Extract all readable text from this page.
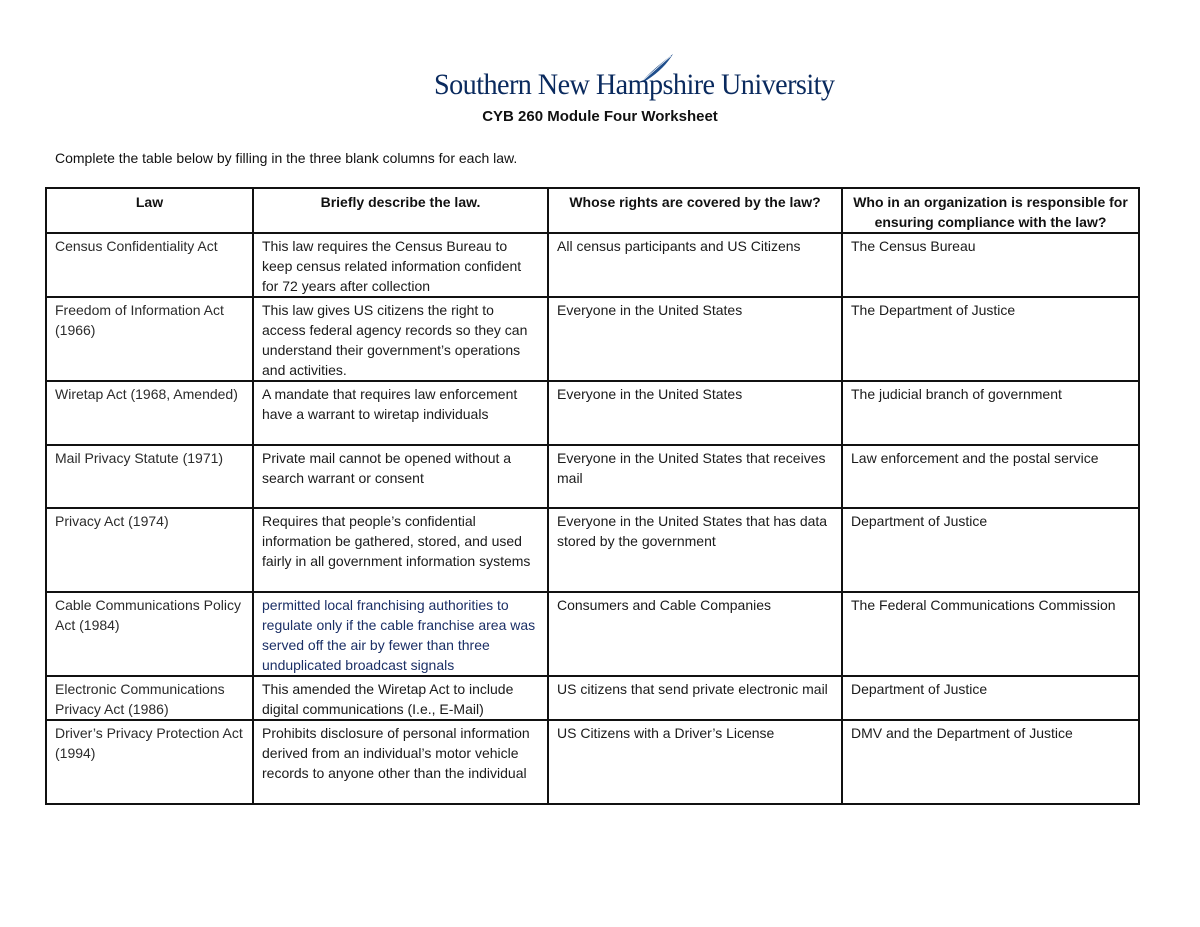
Southern New Hampshire University
CYB 260 Module Four Worksheet
Complete the table below by filling in the three blank columns for each law.
Law	Briefly describe the law.	Whose rights are covered by the law?	Who in an organization is responsible for ensuring compliance with the law?
Census Confidentiality Act	This law requires the Census Bureau to keep census related information confident for 72 years after collection	All census participants and US Citizens	The Census Bureau
Freedom of Information Act (1966)	This law gives US citizens the right to access federal agency records so they can understand their government’s operations and activities.	Everyone in the United States	The Department of Justice
Wiretap Act (1968, Amended)	A mandate that requires law enforcement have a warrant to wiretap individuals	Everyone in the United States	The judicial branch of government
Mail Privacy Statute (1971)	Private mail cannot be opened without a search warrant or consent	Everyone in the United States that receives mail	Law enforcement and the postal service
Privacy Act (1974)	Requires that people’s confidential information be gathered, stored, and used fairly in all government information systems	Everyone in the United States that has data stored by the government	Department of Justice
Cable Communications Policy Act (1984)	permitted local franchising authorities to regulate only if the cable franchise area was served off the air by fewer than three unduplicated broadcast signals	Consumers and Cable Companies	The Federal Communications Commission
Electronic Communications Privacy Act (1986)	This amended the Wiretap Act to include digital communications (I.e., E-Mail)	US citizens that send private electronic mail	Department of Justice
Driver’s Privacy Protection Act (1994)	Prohibits disclosure of personal information derived from an individual’s motor vehicle records to anyone other than the individual	US Citizens with a Driver’s License	DMV and the Department of Justice
